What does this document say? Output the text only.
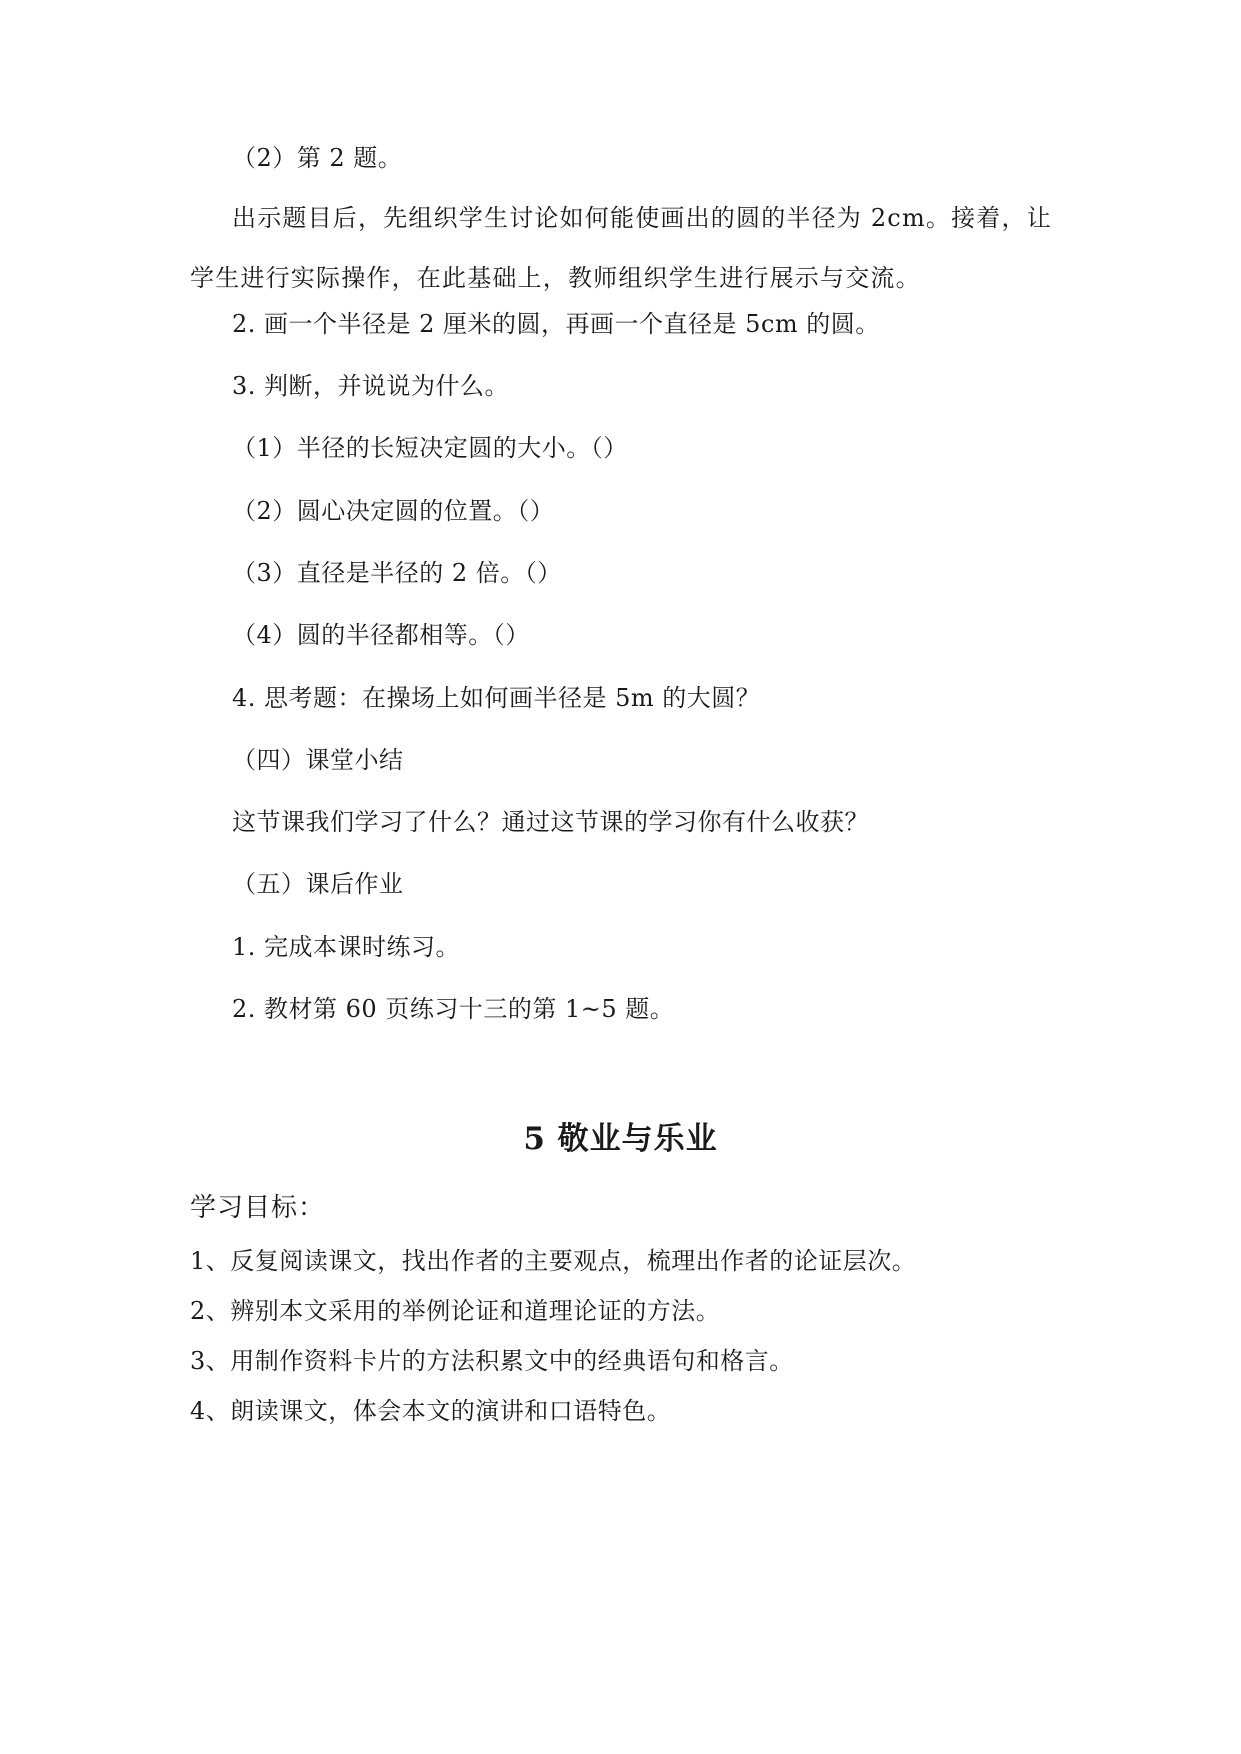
（2）第 2 题。
出示题目后，先组织学生讨论如何能使画出的圆的半径为 2cm。接着，让学生进行实际操作，在此基础上，教师组织学生进行展示与交流。
2. 画一个半径是 2 厘米的圆，再画一个直径是 5cm 的圆。
3. 判断，并说说为什么。
（1）半径的长短决定圆的大小。（）
（2）圆心决定圆的位置。（）
（3）直径是半径的 2 倍。（）
（4）圆的半径都相等。（）
4. 思考题：在操场上如何画半径是 5m 的大圆？
（四）课堂小结
这节课我们学习了什么？通过这节课的学习你有什么收获？
（五）课后作业
1. 完成本课时练习。
2. 教材第 60 页练习十三的第 1~5 题。
5 敬业与乐业
学习目标：
1、反复阅读课文，找出作者的主要观点，梳理出作者的论证层次。
2、辨别本文采用的举例论证和道理论证的方法。
3、用制作资料卡片的方法积累文中的经典语句和格言。
4、朗读课文，体会本文的演讲和口语特色。
